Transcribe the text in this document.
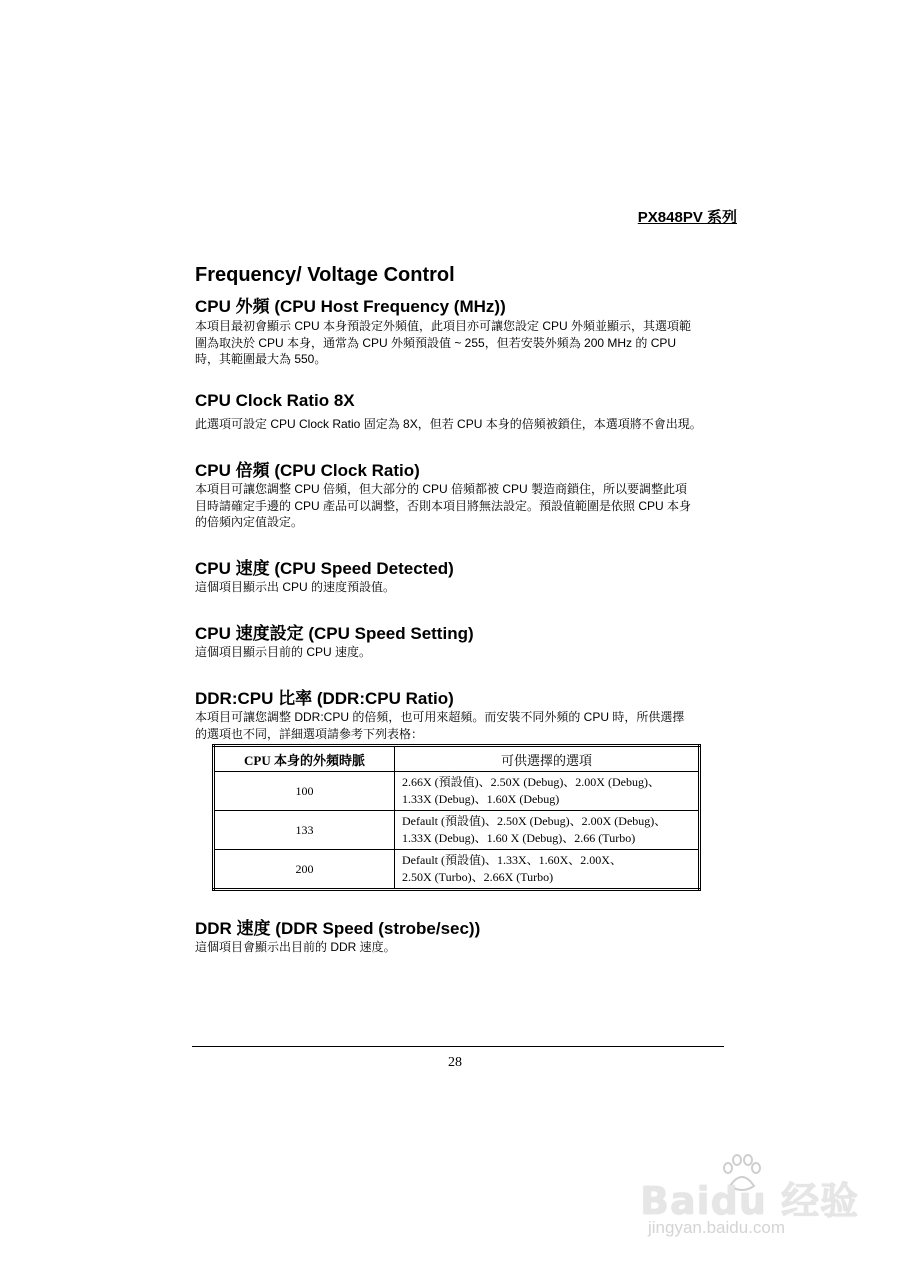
PX848PV 系列
Frequency/ Voltage Control
CPU 外頻 (CPU Host Frequency (MHz))
本項目最初會顯示 CPU 本身預設定外頻值，此項目亦可讓您設定 CPU 外頻並顯示，其選項範
圍為取決於 CPU 本身，通常為 CPU 外頻預設值 ~ 255，但若安裝外頻為 200 MHz 的 CPU
時，其範圍最大為 550。
CPU Clock Ratio 8X
此選項可設定 CPU Clock Ratio 固定為 8X，但若 CPU 本身的倍頻被鎖住，本選項將不會出現。
CPU 倍頻 (CPU Clock Ratio)
本項目可讓您調整 CPU 倍頻，但大部分的 CPU 倍頻都被 CPU 製造商鎖住，所以要調整此項
目時請確定手邊的 CPU 產品可以調整，否則本項目將無法設定。預設值範圍是依照 CPU 本身
的倍頻內定值設定。
CPU 速度 (CPU Speed Detected)
這個項目顯示出 CPU 的速度預設值。
CPU 速度設定 (CPU Speed Setting)
這個項目顯示目前的 CPU 速度。
DDR:CPU 比率 (DDR:CPU Ratio)
本項目可讓您調整 DDR:CPU 的倍頻，也可用來超頻。而安裝不同外頻的 CPU 時，所供選擇
的選項也不同，詳細選項請參考下列表格：
CPU 本身的外頻時脈	可供選擇的選項
100	2.66X (預設值)、2.50X (Debug)、2.00X (Debug)、
1.33X (Debug)、1.60X (Debug)

133	Default (預設值)、2.50X (Debug)、2.00X (Debug)、
1.33X (Debug)、1.60 X (Debug)、2.66 (Turbo)

200	Default (預設值)、1.33X、1.60X、2.00X、
2.50X (Turbo)、2.66X (Turbo)
DDR 速度 (DDR Speed (strobe/sec))
這個項目會顯示出目前的 DDR 速度。
28
Baidu 经验
jingyan.baidu.com
